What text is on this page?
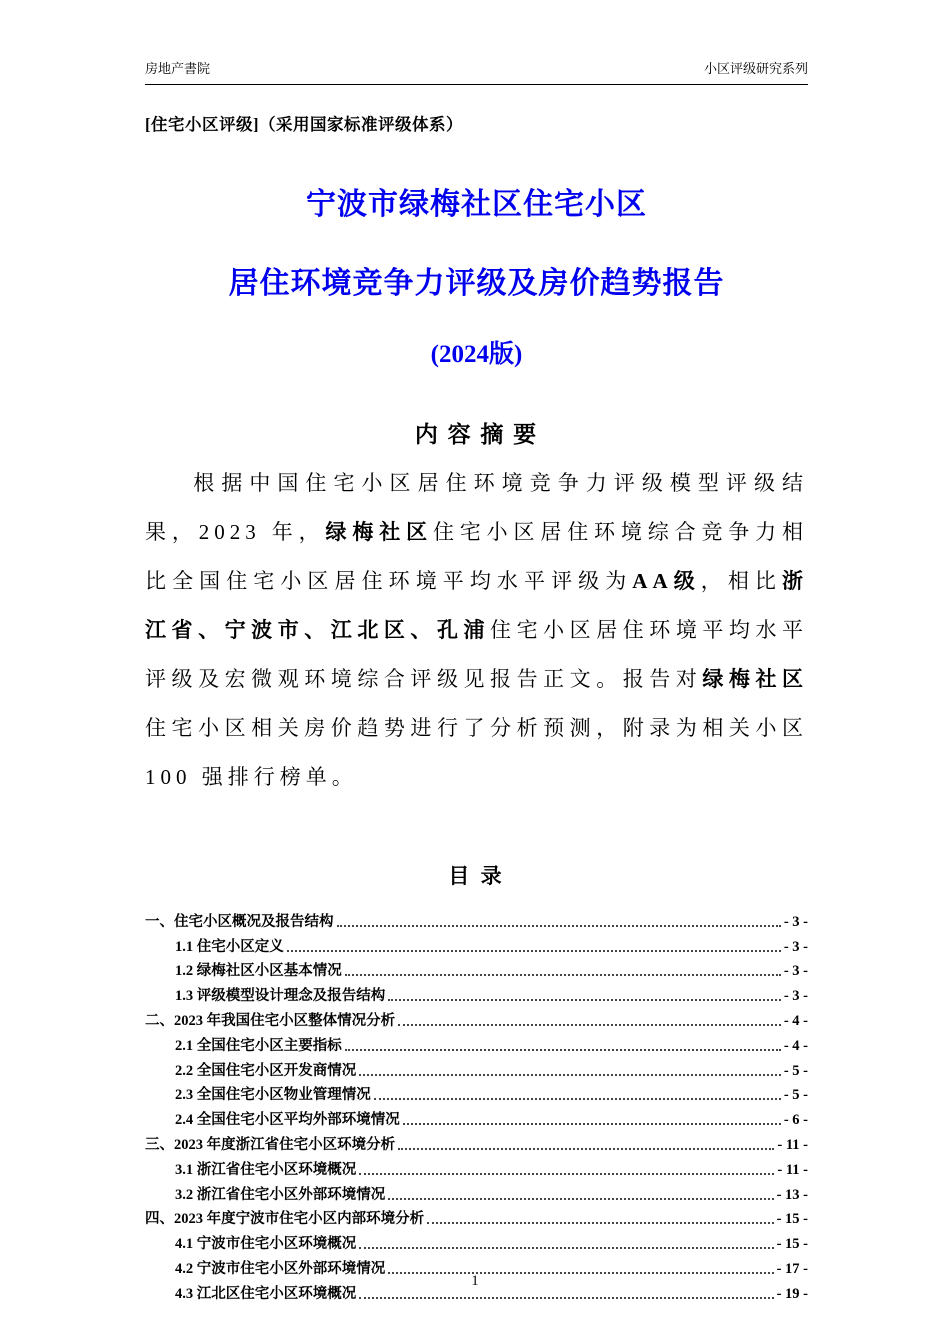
房地产書院	小区评级研究系列
[住宅小区评级]（采用国家标准评级体系）
宁波市绿梅社区住宅小区
居住环境竞争力评级及房价趋势报告
(2024版)
内 容 摘 要

根据中国住宅小区居住环境竞争力评级模型评级结果，2023 年，绿梅社区住宅小区居住环境综合竞争力相比全国住宅小区居住环境平均水平评级为AA级，相比浙江省、宁波市、江北区、孔浦住宅小区居住环境平均水平评级及宏微观环境综合评级见报告正文。报告对绿梅社区住宅小区相关房价趋势进行了分析预测，附录为相关小区 100 强排行榜单。

目 录
一、住宅小区概况及报告结构	- 3 -
1.1 住宅小区定义	- 3 -
1.2 绿梅社区小区基本情况	- 3 -
1.3 评级模型设计理念及报告结构	- 3 -
二、2023 年我国住宅小区整体情况分析	- 4 -
2.1 全国住宅小区主要指标	- 4 -
2.2 全国住宅小区开发商情况	- 5 -
2.3 全国住宅小区物业管理情况	- 5 -
2.4 全国住宅小区平均外部环境情况	- 6 -
三、2023 年度浙江省住宅小区环境分析	- 11 -
3.1 浙江省住宅小区环境概况	- 11 -
3.2 浙江省住宅小区外部环境情况	- 13 -
四、2023 年度宁波市住宅小区内部环境分析	- 15 -
4.1 宁波市住宅小区环境概况	- 15 -
4.2 宁波市住宅小区外部环境情况	- 17 -
4.3 江北区住宅小区环境概况	- 19 -
1
